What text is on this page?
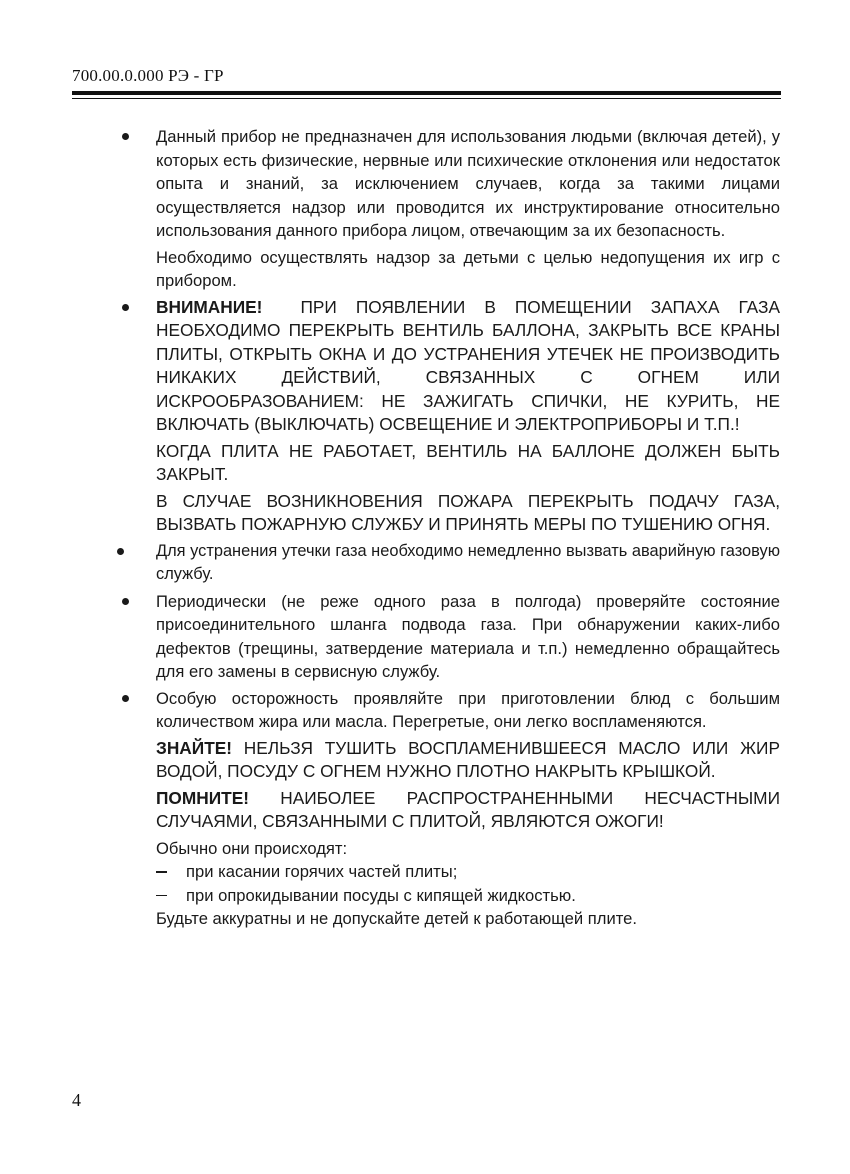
700.00.0.000 РЭ - ГР

Данный прибор не предназначен для использования людьми (включая детей), у которых есть физические, нервные или психические отклонения или недостаток опыта и знаний, за исключением случаев, когда за такими лицами осуществляется надзор или проводится их инструктирование относительно использования данного прибора лицом, отвечающим за их безопасность.

Необходимо осуществлять надзор за детьми с целью недопущения их игр с прибором.

ВНИМАНИЕ! ПРИ ПОЯВЛЕНИИ В ПОМЕЩЕНИИ ЗАПАХА ГАЗА НЕОБХОДИМО ПЕРЕКРЫТЬ ВЕНТИЛЬ БАЛЛОНА, ЗАКРЫТЬ ВСЕ КРАНЫ ПЛИТЫ, ОТКРЫТЬ ОКНА И ДО УСТРАНЕНИЯ УТЕЧЕК НЕ ПРОИЗВОДИТЬ НИКАКИХ ДЕЙСТВИЙ, СВЯЗАННЫХ С ОГНЕМ ИЛИ ИСКРООБРАЗОВАНИЕМ: НЕ ЗАЖИГАТЬ СПИЧКИ, НЕ КУРИТЬ, НЕ ВКЛЮЧАТЬ (ВЫКЛЮЧАТЬ) ОСВЕЩЕНИЕ И ЭЛЕКТРОПРИБОРЫ И Т.П.!

КОГДА ПЛИТА НЕ РАБОТАЕТ, ВЕНТИЛЬ НА БАЛЛОНЕ ДОЛЖЕН БЫТЬ ЗАКРЫТ.

В СЛУЧАЕ ВОЗНИКНОВЕНИЯ ПОЖАРА ПЕРЕКРЫТЬ ПОДАЧУ ГАЗА, ВЫЗВАТЬ ПОЖАРНУЮ СЛУЖБУ И ПРИНЯТЬ МЕРЫ ПО ТУШЕНИЮ ОГНЯ.

Для устранения утечки газа необходимо немедленно вызвать аварийную газовую службу.

Периодически (не реже одного раза в полгода) проверяйте состояние присоединительного шланга подвода газа. При обнаружении каких-либо дефектов (трещины, затвердение материала и т.п.) немедленно обращайтесь для его замены в сервисную службу.

Особую осторожность проявляйте при приготовлении блюд с большим количеством жира или масла. Перегретые, они легко воспламеняются.

ЗНАЙТЕ! НЕЛЬЗЯ ТУШИТЬ ВОСПЛАМЕНИВШЕЕСЯ МАСЛО ИЛИ ЖИР ВОДОЙ, ПОСУДУ С ОГНЕМ НУЖНО ПЛОТНО НАКРЫТЬ КРЫШКОЙ.

ПОМНИТЕ! НАИБОЛЕЕ РАСПРОСТРАНЕННЫМИ НЕСЧАСТНЫМИ СЛУЧАЯМИ, СВЯЗАННЫМИ С ПЛИТОЙ, ЯВЛЯЮТСЯ ОЖОГИ!

Обычно они происходят:

при касании горячих частей плиты;
при опрокидывании посуды с кипящей жидкостью.

Будьте аккуратны и не допускайте детей к работающей плите.

4
